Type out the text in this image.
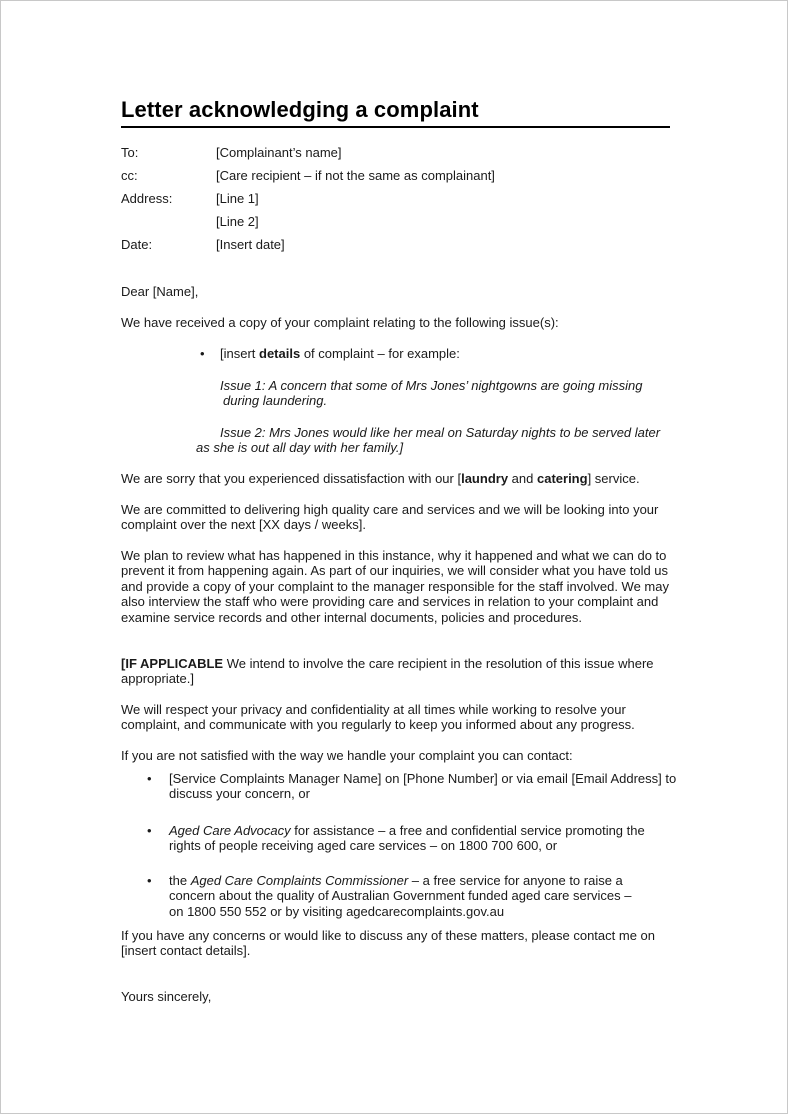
Letter acknowledging a complaint
To:	[Complainant’s name]
cc:	[Care recipient – if not the same as complainant]
Address:	[Line 1]
[Line 2]
Date:	[Insert date]
Dear [Name],
We have received a copy of your complaint relating to the following issue(s):
• [insert details of complaint – for example:
Issue 1: A concern that some of Mrs Jones’ nightgowns are going missing
during laundering.
Issue 2: Mrs Jones would like her meal on Saturday nights to be served later
as she is out all day with her family.]
We are sorry that you experienced dissatisfaction with our [laundry and catering] service.
We are committed to delivering high quality care and services and we will be looking into your complaint over the next [XX days / weeks].
We plan to review what has happened in this instance, why it happened and what we can do to prevent it from happening again. As part of our inquiries, we will consider what you have told us and provide a copy of your complaint to the manager responsible for the staff involved. We may also interview the staff who were providing care and services in relation to your complaint and examine service records and other internal documents, policies and procedures.
[IF APPLICABLE We intend to involve the care recipient in the resolution of this issue where appropriate.]
We will respect your privacy and confidentiality at all times while working to resolve your complaint, and communicate with you regularly to keep you informed about any progress.
If you are not satisfied with the way we handle your complaint you can contact:
• [Service Complaints Manager Name] on [Phone Number] or via email [Email Address] to discuss your concern, or
• Aged Care Advocacy for assistance – a free and confidential service promoting the rights of people receiving aged care services – on 1800 700 600, or
• the Aged Care Complaints Commissioner – a free service for anyone to raise a concern about the quality of Australian Government funded aged care services –
on 1800 550 552 or by visiting agedcarecomplaints.gov.au
If you have any concerns or would like to discuss any of these matters, please contact me on [insert contact details].
Yours sincerely,
